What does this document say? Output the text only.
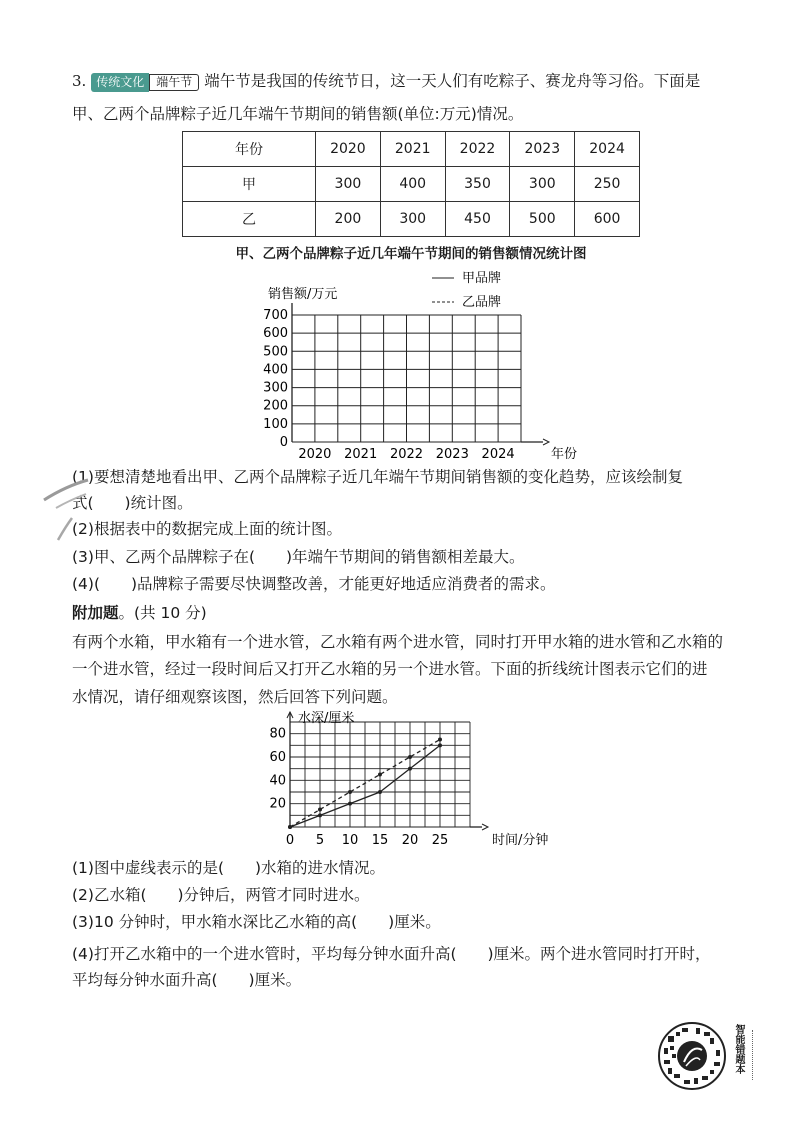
3. 传统文化 端午节 端午节是我国的传统节日，这一天人们有吃粽子、赛龙舟等习俗。下面是
甲、乙两个品牌粽子近几年端午节期间的销售额(单位:万元)情况。
年份	2020	2021	2022	2023	2024
甲	300	400	350	300	250
乙	200	300	450	500	600
甲、乙两个品牌粽子近几年端午节期间的销售额情况统计图
0
100
200
300
400
500
600
700
2020 2021 2022 2023 2024	年份
销售额/万元
甲品牌
乙品牌
(1)要想清楚地看出甲、乙两个品牌粽子近几年端午节期间销售额的变化趋势，应该绘制复
式(　　)统计图。
(2)根据表中的数据完成上面的统计图。
(3)甲、乙两个品牌粽子在(　　)年端午节期间的销售额相差最大。
(4)(　　)品牌粽子需要尽快调整改善，才能更好地适应消费者的需求。
附加题。(共 10 分)
有两个水箱，甲水箱有一个进水管，乙水箱有两个进水管，同时打开甲水箱的进水管和乙水箱的
一个进水管，经过一段时间后又打开乙水箱的另一个进水管。下面的折线统计图表示它们的进
水情况，请仔细观察该图，然后回答下列问题。
20
40
60
80
0 5 10 15 20 25	时间/分钟
水深/厘米
(1)图中虚线表示的是(　　)水箱的进水情况。
(2)乙水箱(　　)分钟后，两管才同时进水。
(3)10 分钟时，甲水箱水深比乙水箱的高(　　)厘米。
(4)打开乙水箱中的一个进水管时，平均每分钟水面升高(　　)厘米。两个进水管同时打开时，
平均每分钟水面升高(　　)厘米。
智能错题本
